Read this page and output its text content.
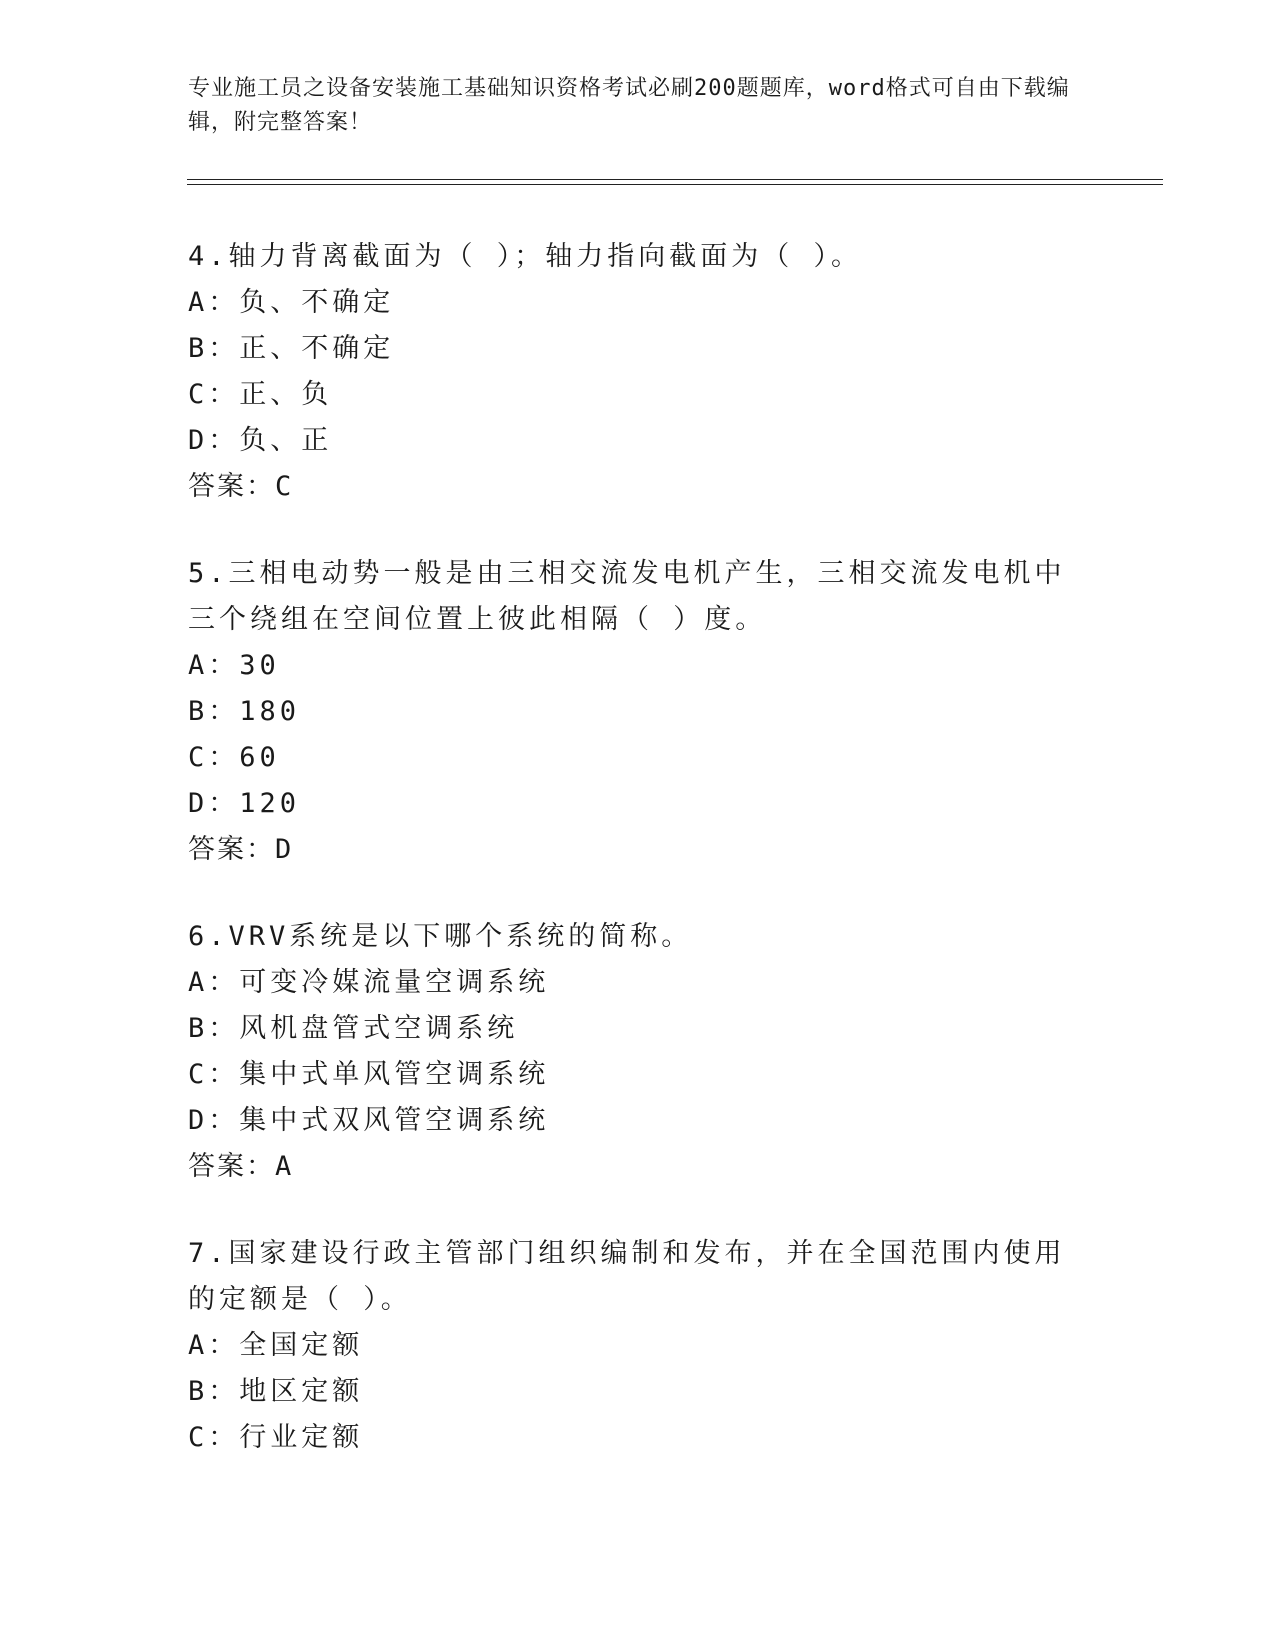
专业施工员之设备安装施工基础知识资格考试必刷200题题库，word格式可自由下载编辑，附完整答案！
4.轴力背离截面为（ ）；轴力指向截面为（ ）。
A：负、不确定
B：正、不确定
C：正、负
D：负、正
答案：C
5.三相电动势一般是由三相交流发电机产生，三相交流发电机中三个绕组在空间位置上彼此相隔（ ）度。
A：30
B：180
C：60
D：120
答案：D
6.VRV系统是以下哪个系统的简称。
A：可变冷媒流量空调系统
B：风机盘管式空调系统
C：集中式单风管空调系统
D：集中式双风管空调系统
答案：A
7.国家建设行政主管部门组织编制和发布，并在全国范围内使用的定额是（ ）。
A：全国定额
B：地区定额
C：行业定额
